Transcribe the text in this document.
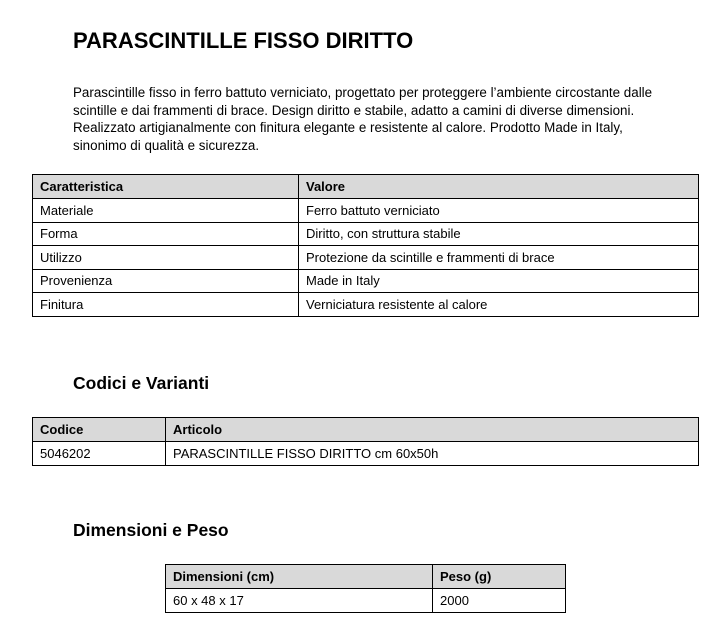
PARASCINTILLE FISSO DIRITTO

Parascintille fisso in ferro battuto verniciato, progettato per proteggere l’ambiente circostante dalle scintille e dai frammenti di brace. Design diritto e stabile, adatto a camini di diverse dimensioni. Realizzato artigianalmente con finitura elegante e resistente al calore. Prodotto Made in Italy, sinonimo di qualità e sicurezza.

Caratteristica	Valore
Materiale	Ferro battuto verniciato
Forma	Diritto, con struttura stabile
Utilizzo	Protezione da scintille e frammenti di brace
Provenienza	Made in Italy
Finitura	Verniciatura resistente al calore
Codici e Varianti
Codice	Articolo
5046202	PARASCINTILLE FISSO DIRITTO cm 60x50h
Dimensioni e Peso
Dimensioni (cm)	Peso (g)
60 x 48 x 17	2000
